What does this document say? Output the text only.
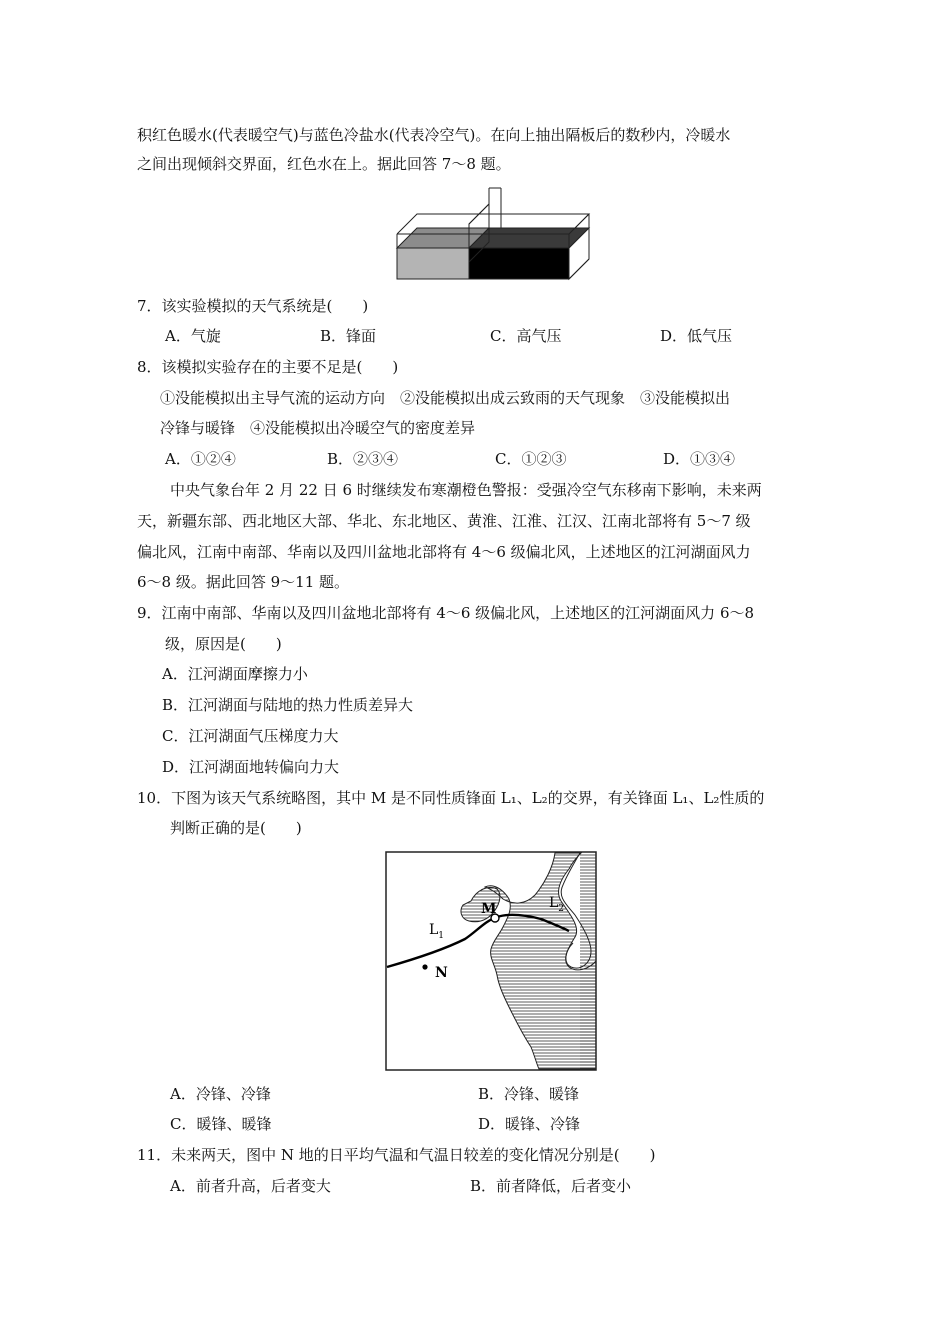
积红色暖水(代表暖空气)与蓝色冷盐水(代表冷空气)。在向上抽出隔板后的数秒内，冷暖水
之间出现倾斜交界面，红色水在上。据此回答 7～8 题。
7．该实验模拟的天气系统是(　　)
A．气旋	B．锋面	C．高气压	D．低气压
8．该模拟实验存在的主要不足是(　　)
①没能模拟出主导气流的运动方向　②没能模拟出成云致雨的天气现象　③没能模拟出
冷锋与暖锋　④没能模拟出冷暖空气的密度差异
A．①②④	B．②③④	C．①②③	D．①③④
中央气象台年 2 月 22 日 6 时继续发布寒潮橙色警报：受强冷空气东移南下影响，未来两
天，新疆东部、西北地区大部、华北、东北地区、黄淮、江淮、江汉、江南北部将有 5～7 级
偏北风，江南中南部、华南以及四川盆地北部将有 4～6 级偏北风，上述地区的江河湖面风力
6～8 级。据此回答 9～11 题。
9．江南中南部、华南以及四川盆地北部将有 4～6 级偏北风，上述地区的江河湖面风力 6～8
级，原因是(　　)
A．江河湖面摩擦力小
B．江河湖面与陆地的热力性质差异大
C．江河湖面气压梯度力大
D．江河湖面地转偏向力大
10．下图为该天气系统略图，其中 M 是不同性质锋面 L₁、L₂的交界，有关锋面 L₁、L₂性质的
判断正确的是(　　)
M
$L_1$
$L_2$
N
A．冷锋、冷锋	B．冷锋、暖锋
C．暖锋、暖锋	D．暖锋、冷锋
11．未来两天，图中 N 地的日平均气温和气温日较差的变化情况分别是(　　)
A．前者升高，后者变大	B．前者降低，后者变小
